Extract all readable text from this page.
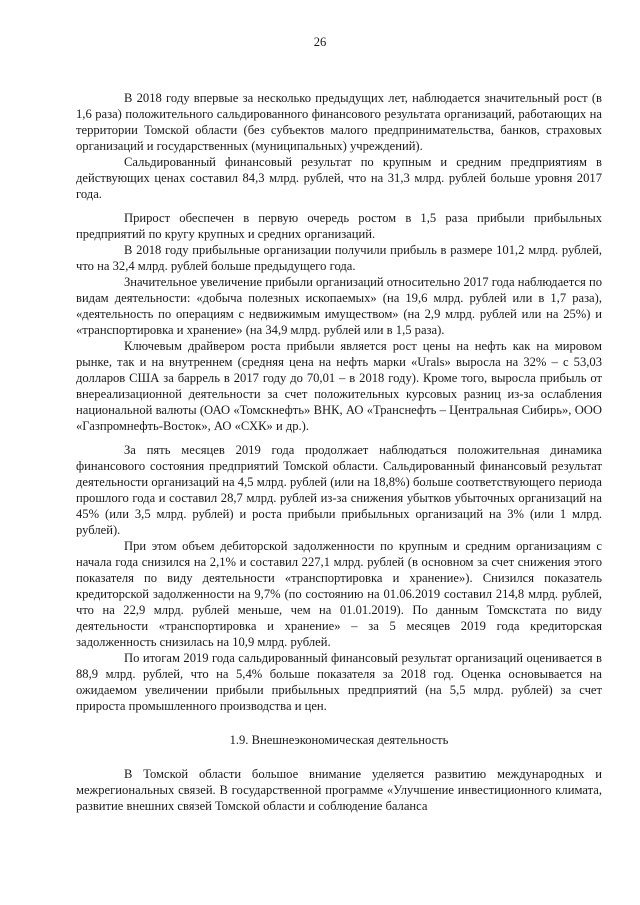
26

В 2018 году впервые за несколько предыдущих лет, наблюдается значительный рост (в 1,6 раза) положительного сальдированного финансового результата организаций, работающих на территории Томской области (без субъектов малого предпринимательства, банков, страховых организаций и государственных (муниципальных) учреждений).

Сальдированный финансовый результат по крупным и средним предприятиям в действующих ценах составил 84,3 млрд. рублей, что на 31,3 млрд. рублей больше уровня 2017 года.

Прирост обеспечен в первую очередь ростом в 1,5 раза прибыли прибыльных предприятий по кругу крупных и средних организаций.

В 2018 году прибыльные организации получили прибыль в размере 101,2 млрд. рублей, что на 32,4 млрд. рублей больше предыдущего года.

Значительное увеличение прибыли организаций относительно 2017 года наблюдается по видам деятельности: «добыча полезных ископаемых» (на 19,6 млрд. рублей или в 1,7 раза), «деятельность по операциям с недвижимым имуществом» (на 2,9 млрд. рублей или на 25%) и «транспортировка и хранение» (на 34,9 млрд. рублей или в 1,5 раза).

Ключевым драйвером роста прибыли является рост цены на нефть как на мировом рынке, так и на внутреннем (средняя цена на нефть марки «Urals» выросла на 32% – с 53,03 долларов США за баррель в 2017 году до 70,01 – в 2018 году). Кроме того, выросла прибыль от внереализационной деятельности за счет положительных курсовых разниц из-за ослабления национальной валюты (ОАО «Томскнефть» ВНК, АО «Транснефть – Центральная Сибирь», ООО «Газпромнефть-Восток», АО «СХК» и др.).

За пять месяцев 2019 года продолжает наблюдаться положительная динамика финансового состояния предприятий Томской области. Сальдированный финансовый результат деятельности организаций на 4,5 млрд. рублей (или на 18,8%) больше соответствующего периода прошлого года и составил 28,7 млрд. рублей из-за снижения убытков убыточных организаций на 45% (или 3,5 млрд. рублей) и роста прибыли прибыльных организаций на 3% (или 1 млрд. рублей).

При этом объем дебиторской задолженности по крупным и средним организациям с начала года снизился на 2,1% и составил 227,1 млрд. рублей (в основном за счет снижения этого показателя по виду деятельности «транспортировка и хранение»). Снизился показатель кредиторской задолженности на 9,7% (по состоянию на 01.06.2019 составил 214,8 млрд. рублей, что на 22,9 млрд. рублей меньше, чем на 01.01.2019). По данным Томскстата по виду деятельности «транспортировка и хранение» – за 5 месяцев 2019 года кредиторская задолженность снизилась на 10,9 млрд. рублей.

По итогам 2019 года сальдированный финансовый результат организаций оценивается в 88,9 млрд. рублей, что на 5,4% больше показателя за 2018 год. Оценка основывается на ожидаемом увеличении прибыли прибыльных предприятий (на 5,5 млрд. рублей) за счет прироста промышленного производства и цен.

1.9. Внешнеэкономическая деятельность

В Томской области большое внимание уделяется развитию международных и межрегиональных связей. В государственной программе «Улучшение инвестиционного климата, развитие внешних связей Томской области и соблюдение баланса
